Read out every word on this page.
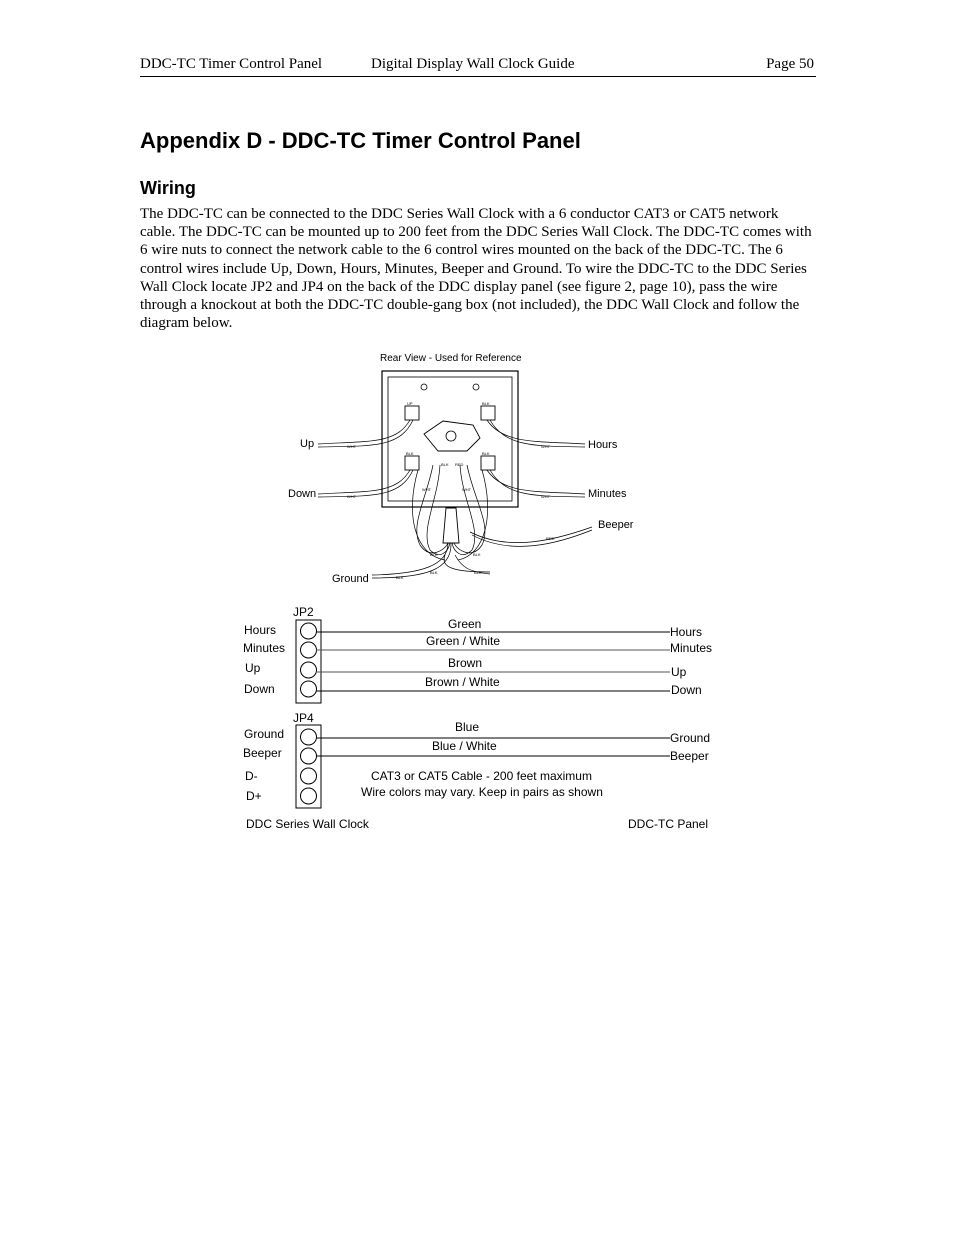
DDC-TC Timer Control Panel	Digital Display Wall Clock Guide	Page 50
Appendix D - DDC-TC Timer Control Panel
Wiring

The DDC-TC can be connected to the DDC Series Wall Clock with a 6 conductor CAT3 or CAT5 network cable. The DDC-TC can be mounted up to 200 feet from the DDC Series Wall Clock. The DDC-TC comes with 6 wire nuts to connect the network cable to the 6 control wires mounted on the back of the DDC-TC. The 6 control wires include Up, Down, Hours, Minutes, Beeper and Ground. To wire the DDC-TC to the DDC Series Wall Clock locate JP2 and JP4 on the back of the DDC display panel (see figure 2, page 10), pass the wire through a knockout at both the DDC-TC double-gang box (not included), the DDC Wall Clock and follow the diagram below.

Rear View - Used for Reference
UP	BLK
BLK	BLK
WHT
WHT
WHT
WHT
RED
BLK	BLK
BLK	BLK
BLK
WHT	WHT
BLK RED
Up
Down
Hours
Minutes
Beeper
Ground
JP2
JP4
Hours
Minutes
Up
Down
Ground
Beeper
D-
D+
Green
Green / White
Brown
Brown / White
Blue
Blue / White
Hours
Minutes
Up
Down
Ground
Beeper
CAT3 or CAT5 Cable - 200 feet maximum
Wire colors may vary. Keep in pairs as shown
DDC Series Wall Clock	DDC-TC Panel
